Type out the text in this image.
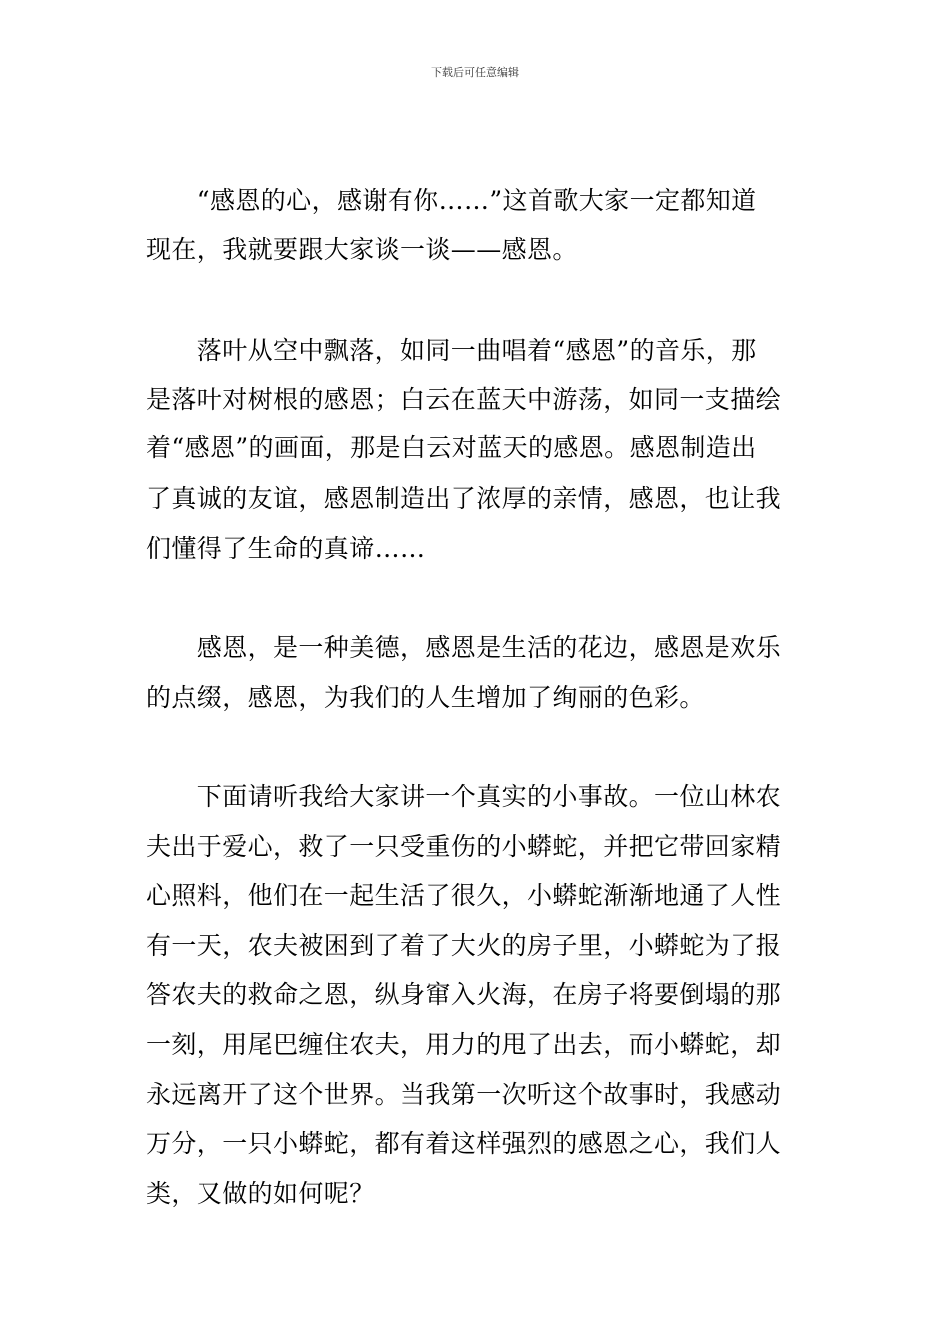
下载后可任意编辑
　　“感恩的心，感谢有你……”这首歌大家一定都知道
现在，我就要跟大家谈一谈——感恩。
　　落叶从空中飘落，如同一曲唱着“感恩”的音乐，那
是落叶对树根的感恩；白云在蓝天中游荡，如同一支描绘
着“感恩”的画面，那是白云对蓝天的感恩。感恩制造出
了真诚的友谊，感恩制造出了浓厚的亲情，感恩，也让我
们懂得了生命的真谛……
　　感恩，是一种美德，感恩是生活的花边，感恩是欢乐
的点缀，感恩，为我们的人生增加了绚丽的色彩。
　　下面请听我给大家讲一个真实的小事故。一位山林农
夫出于爱心，救了一只受重伤的小蟒蛇，并把它带回家精
心照料，他们在一起生活了很久，小蟒蛇渐渐地通了人性
有一天，农夫被困到了着了大火的房子里，小蟒蛇为了报
答农夫的救命之恩，纵身窜入火海，在房子将要倒塌的那
一刻，用尾巴缠住农夫，用力的甩了出去，而小蟒蛇，却
永远离开了这个世界。当我第一次听这个故事时，我感动
万分，一只小蟒蛇，都有着这样强烈的感恩之心，我们人
类，又做的如何呢？
